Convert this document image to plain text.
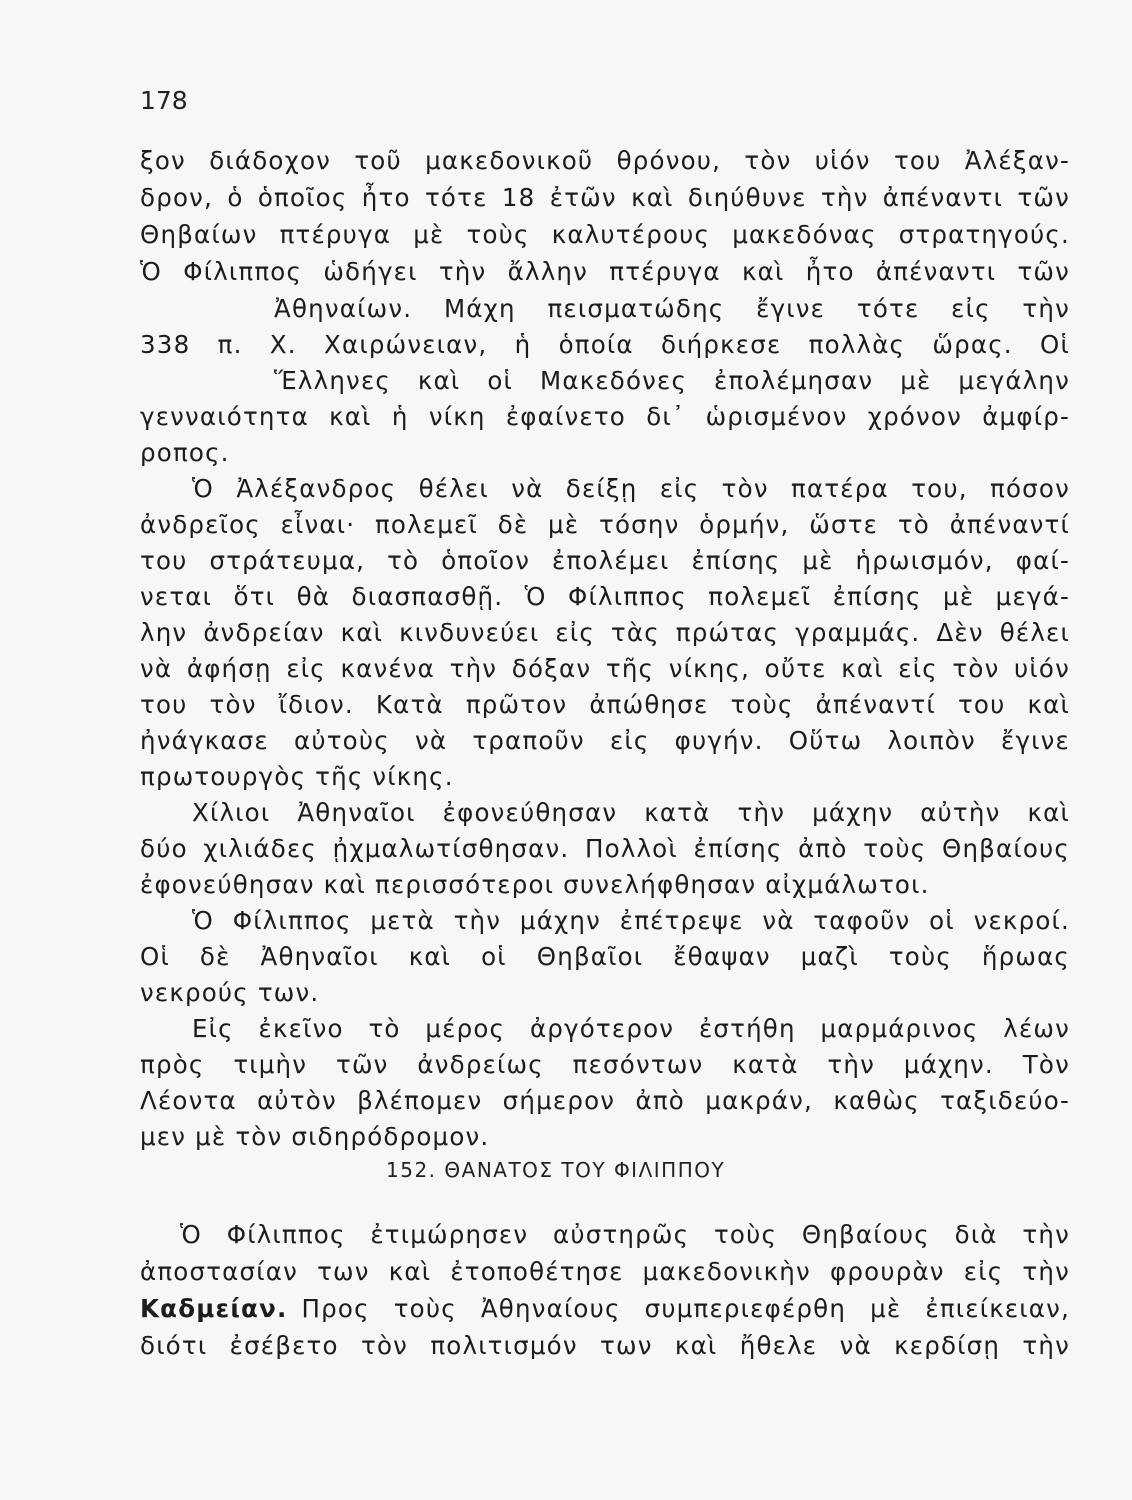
178
ξον διάδοχον τοῦ μακεδονικοῦ θρόνου, τὸν υἱόν του Ἀλέξαν-
δρον, ὁ ὁποῖος ἦτο τότε 18 ἐτῶν καὶ διηύθυνε τὴν ἀπέναντι τῶν
Θηβαίων πτέρυγα μὲ τοὺς καλυτέρους μακεδόνας στρατηγούς.
Ὁ Φίλιππος ὡδήγει τὴν ἄλλην πτέρυγα καὶ ἦτο ἀπέναντι τῶν
Ἀθηναίων. Μάχη πεισματώδης ἔγινε τότε εἰς τὴν
338 π. Χ. Χαιρώνειαν, ἡ ὁποία διήρκεσε πολλὰς ὥρας. Οἱ
Ἕλληνες καὶ οἱ Μακεδόνες ἐπολέμησαν μὲ μεγάλην
γενναιότητα καὶ ἡ νίκη ἐφαίνετο δι᾽ ὡρισμένον χρόνον ἀμφίρ-
ροπος.
Ὁ Ἀλέξανδρος θέλει νὰ δείξῃ εἰς τὸν πατέρα του, πόσον
ἀνδρεῖος εἶναι· πολεμεῖ δὲ μὲ τόσην ὁρμήν, ὥστε τὸ ἀπέναντί
του στράτευμα, τὸ ὁποῖον ἐπολέμει ἐπίσης μὲ ἡρωισμόν, φαί-
νεται ὅτι θὰ διασπασθῇ. Ὁ Φίλιππος πολεμεῖ ἐπίσης μὲ μεγά-
λην ἀνδρείαν καὶ κινδυνεύει εἰς τὰς πρώτας γραμμάς. Δὲν θέλει
νὰ ἀφήσῃ εἰς κανένα τὴν δόξαν τῆς νίκης, οὔτε καὶ εἰς τὸν υἱόν
του τὸν ἴδιον. Κατὰ πρῶτον ἀπώθησε τοὺς ἀπέναντί του καὶ
ἠνάγκασε αὐτοὺς νὰ τραποῦν εἰς φυγήν. Οὕτω λοιπὸν ἔγινε
πρωτουργὸς τῆς νίκης.
Χίλιοι Ἀθηναῖοι ἐφονεύθησαν κατὰ τὴν μάχην αὐτὴν καὶ
δύο χιλιάδες ᾐχμαλωτίσθησαν. Πολλοὶ ἐπίσης ἀπὸ τοὺς Θηβαίους
ἐφονεύθησαν καὶ περισσότεροι συνελήφθησαν αἰχμάλωτοι.
Ὁ Φίλιππος μετὰ τὴν μάχην ἐπέτρεψε νὰ ταφοῦν οἱ νεκροί.
Οἱ δὲ Ἀθηναῖοι καὶ οἱ Θηβαῖοι ἔθαψαν μαζὶ τοὺς ἥρωας
νεκρούς των.
Εἰς ἐκεῖνο τὸ μέρος ἀργότερον ἐστήθη μαρμάρινος λέων
πρὸς τιμὴν τῶν ἀνδρείως πεσόντων κατὰ τὴν μάχην. Τὸν
Λέοντα αὐτὸν βλέπομεν σήμερον ἀπὸ μακράν, καθὼς ταξιδεύο-
μεν μὲ τὸν σιδηρόδρομον.
152. ΘΑΝΑΤΟΣ ΤΟΥ ΦΙΛΙΠΠΟΥ
Ὁ Φίλιππος ἐτιμώρησεν αὐστηρῶς τοὺς Θηβαίους διὰ τὴν
ἀποστασίαν των καὶ ἐτοποθέτησε μακεδονικὴν φρουρὰν εἰς τὴν
Καδμείαν. Προς τοὺς Ἀθηναίους συμπεριεφέρθη μὲ ἐπιείκειαν,
διότι ἐσέβετο τὸν πολιτισμόν των καὶ ἤθελε νὰ κερδίσῃ τὴν
